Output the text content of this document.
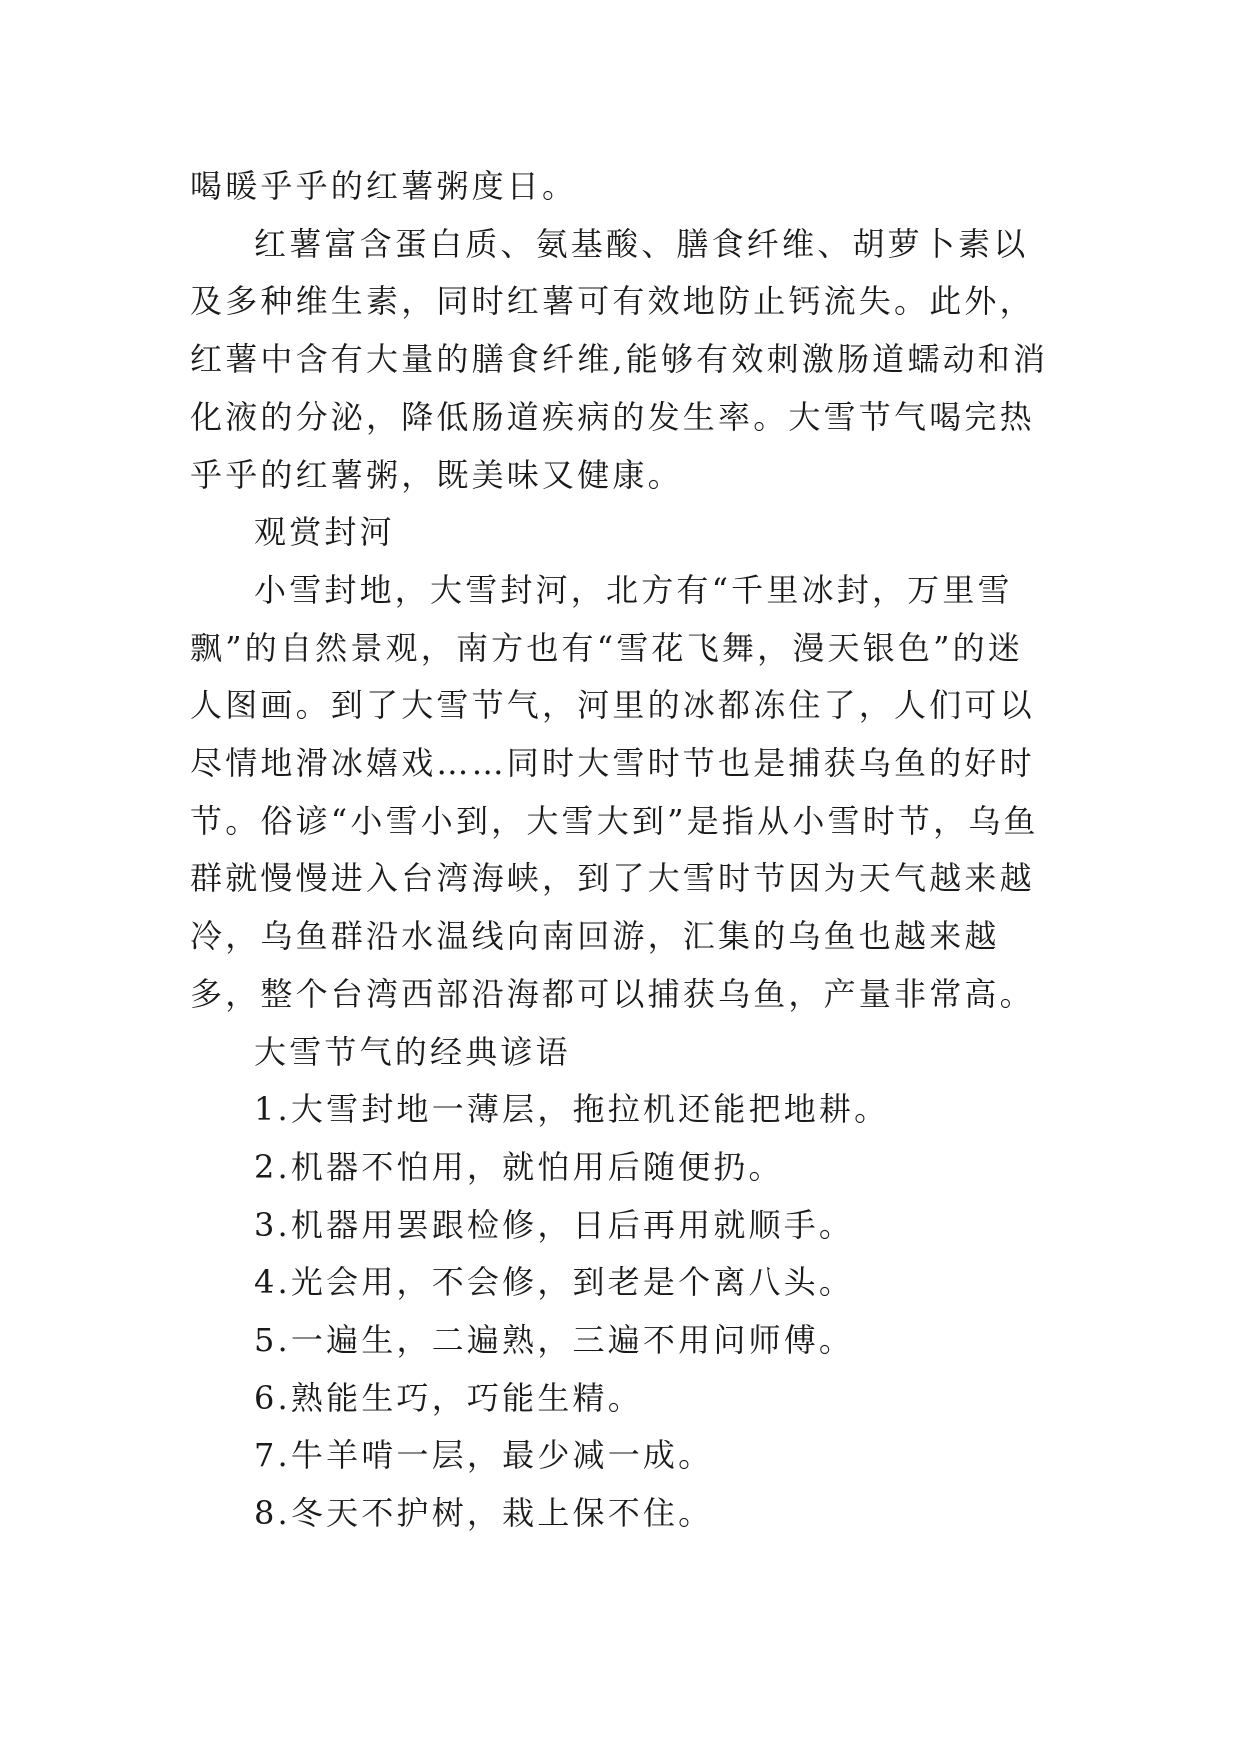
喝暖乎乎的红薯粥度日。

红薯富含蛋白质、氨基酸、膳食纤维、胡萝卜素以及多种维生素，同时红薯可有效地防止钙流失。此外，红薯中含有大量的膳食纤维,能够有效刺激肠道蠕动和消化液的分泌，降低肠道疾病的发生率。大雪节气喝完热乎乎的红薯粥，既美味又健康。

观赏封河

小雪封地，大雪封河，北方有“千里冰封，万里雪飘”的自然景观，南方也有“雪花飞舞，漫天银色”的迷人图画。到了大雪节气，河里的冰都冻住了，人们可以尽情地滑冰嬉戏……同时大雪时节也是捕获乌鱼的好时节。俗谚“小雪小到，大雪大到”是指从小雪时节，乌鱼群就慢慢进入台湾海峡，到了大雪时节因为天气越来越冷，乌鱼群沿水温线向南回游，汇集的乌鱼也越来越多，整个台湾西部沿海都可以捕获乌鱼，产量非常高。

大雪节气的经典谚语

1.大雪封地一薄层，拖拉机还能把地耕。

2.机器不怕用，就怕用后随便扔。

3.机器用罢跟检修，日后再用就顺手。

4.光会用，不会修，到老是个离八头。

5.一遍生，二遍熟，三遍不用问师傅。

6.熟能生巧，巧能生精。

7.牛羊啃一层，最少减一成。

8.冬天不护树，栽上保不住。
